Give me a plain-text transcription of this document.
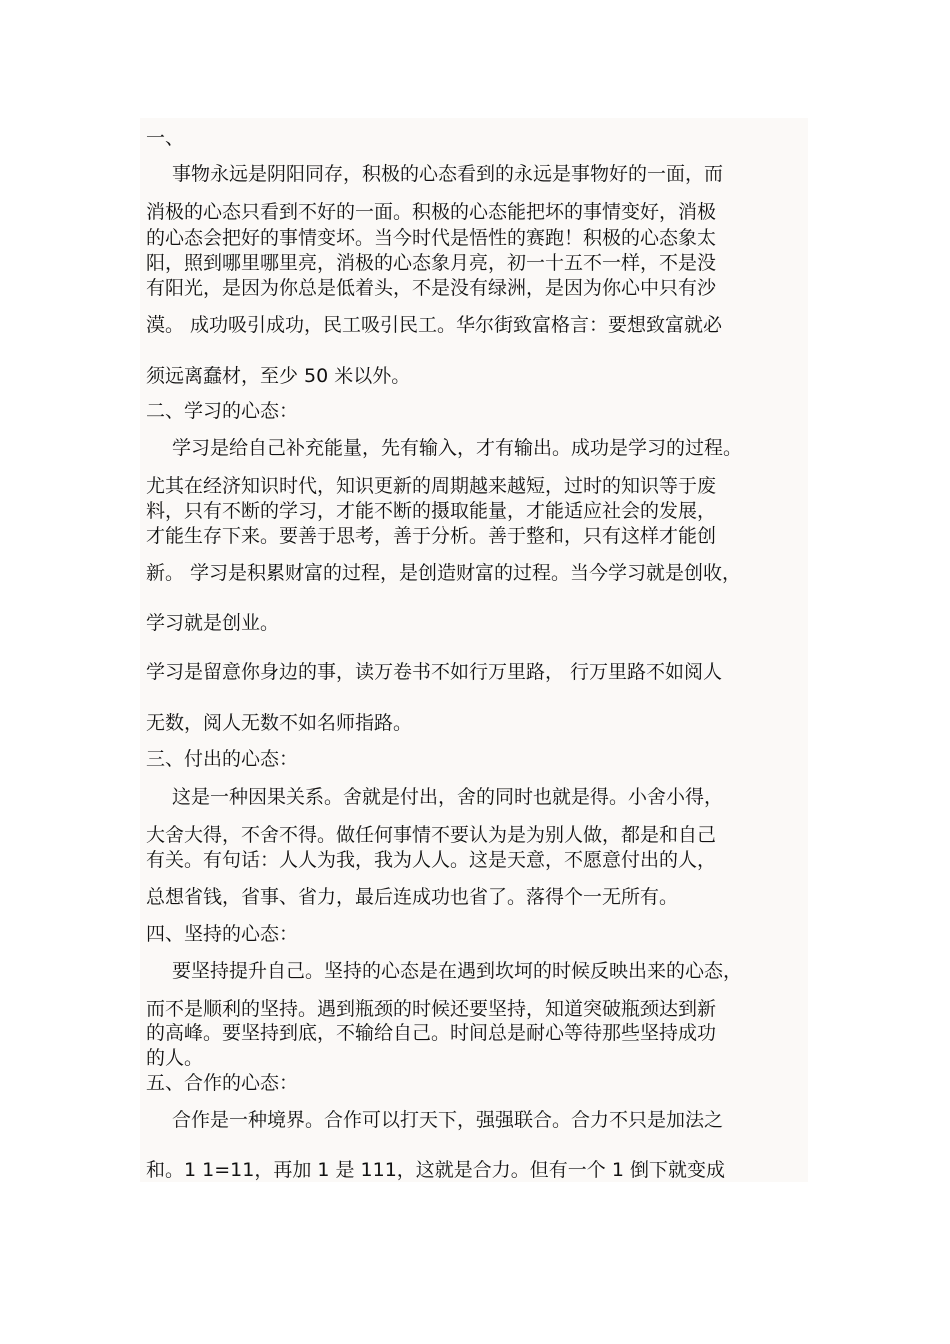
一、
事物永远是阴阳同存，积极的心态看到的永远是事物好的一面，而
消极的心态只看到不好的一面。积极的心态能把坏的事情变好，消极
的心态会把好的事情变坏。当今时代是悟性的赛跑！积极的心态象太
阳，照到哪里哪里亮，消极的心态象月亮，初一十五不一样，不是没
有阳光，是因为你总是低着头，不是没有绿洲，是因为你心中只有沙
漠。 成功吸引成功，民工吸引民工。华尔街致富格言：要想致富就必
须远离蠢材，至少 50 米以外。
二、学习的心态：
学习是给自己补充能量，先有输入，才有输出。成功是学习的过程。
尤其在经济知识时代，知识更新的周期越来越短，过时的知识等于废
料，只有不断的学习，才能不断的摄取能量，才能适应社会的发展，
才能生存下来。要善于思考，善于分析。善于整和，只有这样才能创
新。 学习是积累财富的过程，是创造财富的过程。当今学习就是创收，
学习就是创业。
学习是留意你身边的事，读万卷书不如行万里路， 行万里路不如阅人
无数，阅人无数不如名师指路。
三、付出的心态：
这是一种因果关系。舍就是付出，舍的同时也就是得。小舍小得，
大舍大得，不舍不得。做任何事情不要认为是为别人做，都是和自己
有关。有句话：人人为我，我为人人。这是天意，不愿意付出的人，
总想省钱，省事、省力，最后连成功也省了。落得个一无所有。
四、坚持的心态：
要坚持提升自己。坚持的心态是在遇到坎坷的时候反映出来的心态，
而不是顺利的坚持。遇到瓶颈的时候还要坚持，知道突破瓶颈达到新
的高峰。要坚持到底，不输给自己。时间总是耐心等待那些坚持成功
的人。
五、合作的心态：
合作是一种境界。合作可以打天下，强强联合。合力不只是加法之
和。1 1=11，再加 1 是 111，这就是合力。但有一个 1 倒下就变成
